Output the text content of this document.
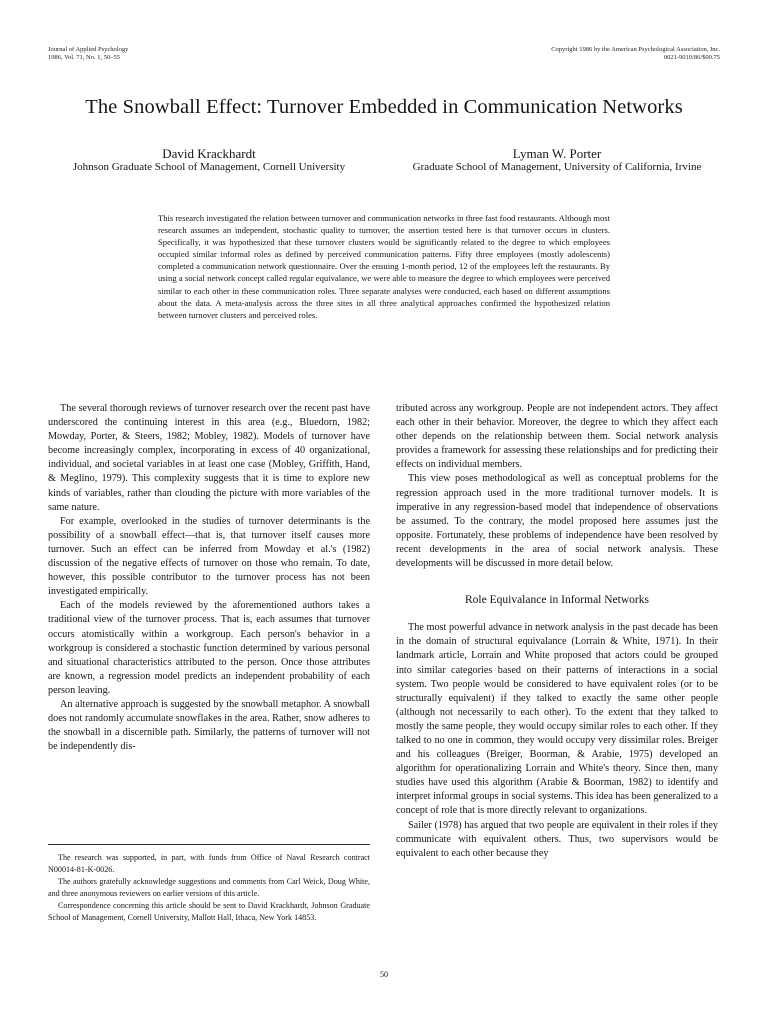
Journal of Applied Psychology
1986, Vol. 71, No. 1, 50–55
Copyright 1986 by the American Psychological Association, Inc.
0021-9010/86/$00.75
The Snowball Effect: Turnover Embedded in Communication Networks
David Krackhardt
Johnson Graduate School of Management, Cornell University
Lyman W. Porter
Graduate School of Management, University of California, Irvine

This research investigated the relation between turnover and communication networks in three fast food restaurants. Although most research assumes an independent, stochastic quality to turnover, the assertion tested here is that turnover occurs in clusters. Specifically, it was hypothesized that these turnover clusters would be significantly related to the degree to which employees occupied similar informal roles as defined by perceived communication patterns. Fifty three employees (mostly adolescents) completed a communication network questionnaire. Over the ensuing 1-month period, 12 of the employees left the restaurants. By using a social network concept called regular equivalance, we were able to measure the degree to which employees were perceived similar to each other in these communication roles. Three separate analyses were conducted, each based on different assumptions about the data. A meta-analysis across the three sites in all three analytical approaches confirmed the hypothesized relation between turnover clusters and perceived roles.

The several thorough reviews of turnover research over the recent past have underscored the continuing interest in this area (e.g., Bluedorn, 1982; Mowday, Porter, & Steers, 1982; Mobley, 1982). Models of turnover have become increasingly complex, incorporating in excess of 40 organizational, individual, and societal variables in at least one case (Mobley, Griffith, Hand, & Meglino, 1979). This complexity suggests that it is time to explore new kinds of variables, rather than clouding the picture with more variables of the same nature.

For example, overlooked in the studies of turnover determinants is the possibility of a snowball effect—that is, that turnover itself causes more turnover. Such an effect can be inferred from Mowday et al.'s (1982) discussion of the negative effects of turnover on those who remain. To date, however, this possible contributor to the turnover process has not been investigated empirically.

Each of the models reviewed by the aforementioned authors takes a traditional view of the turnover process. That is, each assumes that turnover occurs atomistically within a workgroup. Each person's behavior in a workgroup is considered a stochastic function determined by various personal and situational characteristics attributed to the person. Once those attributes are known, a regression model predicts an independent probability of each person leaving.

An alternative approach is suggested by the snowball metaphor. A snowball does not randomly accumulate snowflakes in the area. Rather, snow adheres to the snowball in a discernible path. Similarly, the patterns of turnover will not be independently dis-

The research was supported, in part, with funds from Office of Naval Research contract N00014-81-K-0026.

The authors gratefully acknowledge suggestions and comments from Carl Weick, Doug White, and three anonymous reviewers on earlier versions of this article.

Correspondence concerning this article should be sent to David Krackhardt, Johnson Graduate School of Management, Cornell University, Mallott Hall, Ithaca, New York 14853.

tributed across any workgroup. People are not independent actors. They affect each other in their behavior. Moreover, the degree to which they affect each other depends on the relationship between them. Social network analysis provides a framework for assessing these relationships and for predicting their effects on individual members.

This view poses methodological as well as conceptual problems for the regression approach used in the more traditional turnover models. It is imperative in any regression-based model that independence of observations be assumed. To the contrary, the model proposed here assumes just the opposite. Fortunately, these problems of independence have been resolved by recent developments in the area of social network analysis. These developments will be discussed in more detail below.

Role Equivalance in Informal Networks

The most powerful advance in network analysis in the past decade has been in the domain of structural equivalance (Lorrain & White, 1971). In their landmark article, Lorrain and White proposed that actors could be grouped into similar categories based on their patterns of interactions in a social system. Two people would be considered to have equivalent roles (or to be structurally equivalent) if they talked to exactly the same other people (although not necessarily to each other). To the extent that they talked to mostly the same people, they would occupy similar roles to each other. If they talked to no one in common, they would occupy very dissimilar roles. Breiger and his colleagues (Breiger, Boorman, & Arabie, 1975) developed an algorithm for operationalizing Lorrain and White's theory. Since then, many studies have used this algorithm (Arabie & Boorman, 1982) to identify and interpret informal groups in social systems. This idea has been generalized to a concept of role that is more directly relevant to organizations.

Sailer (1978) has argued that two people are equivalent in their roles if they communicate with equivalent others. Thus, two supervisors would be equivalent to each other because they

50
